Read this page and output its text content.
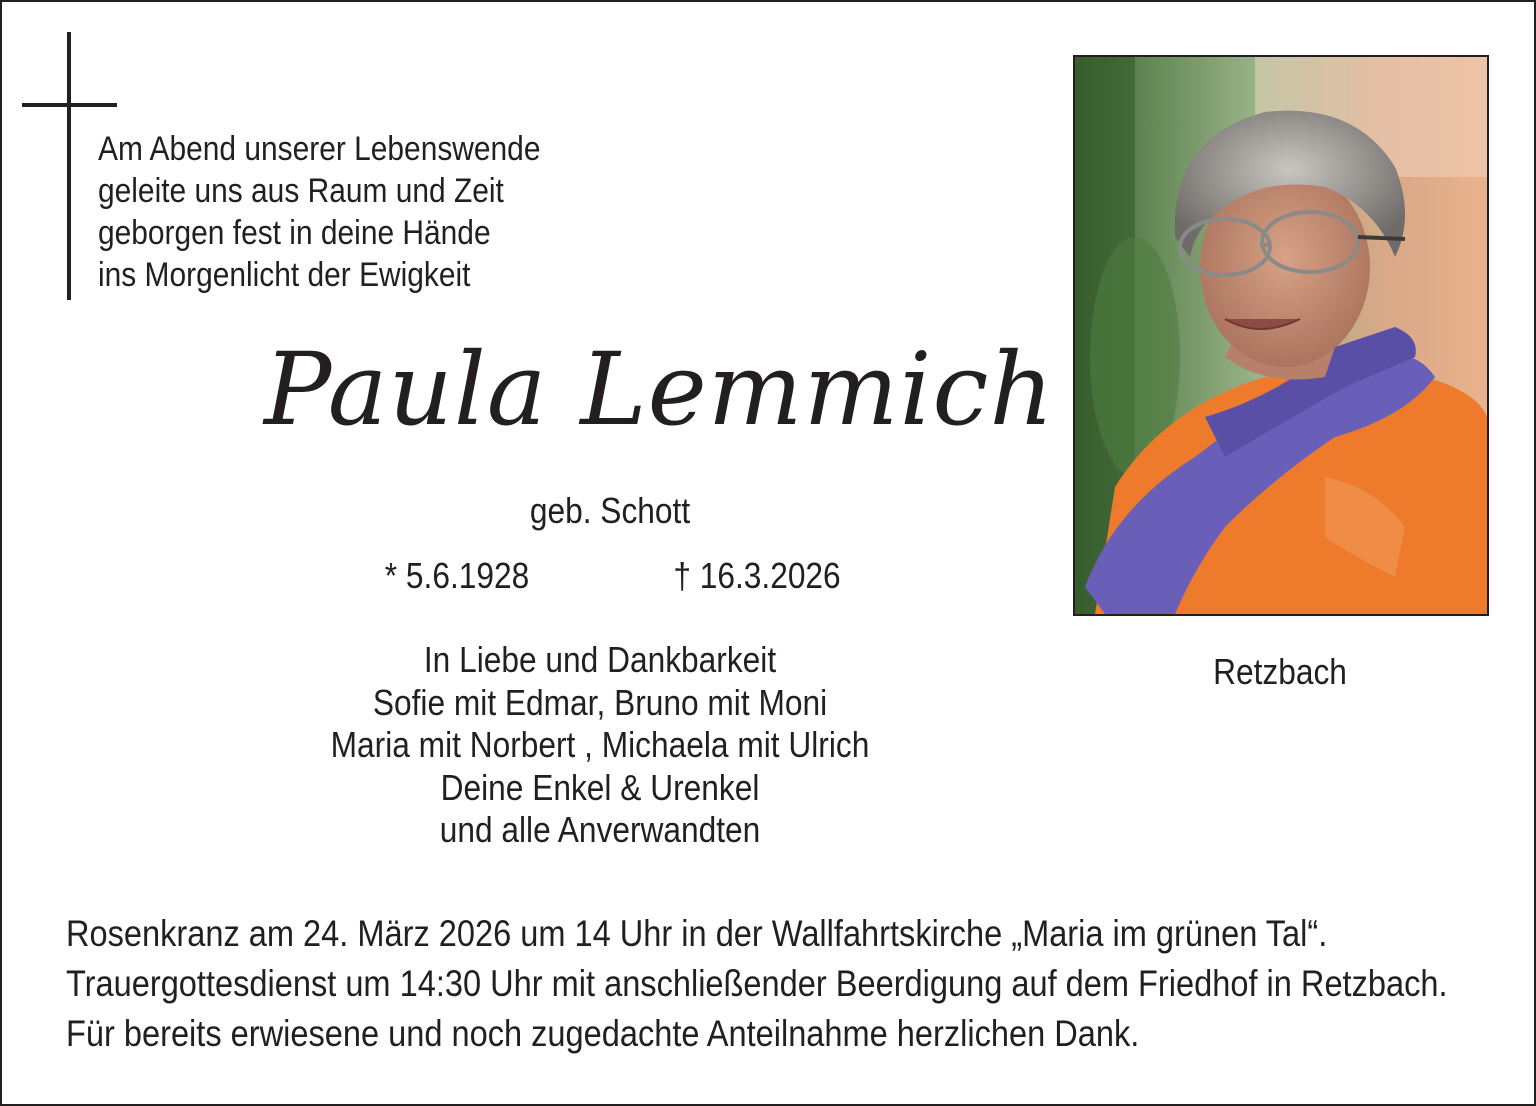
Am Abend unserer Lebenswende
geleite uns aus Raum und Zeit
geborgen fest in deine Hände
ins Morgenlicht der Ewigkeit
Paula Lemmich
geb. Schott
* 5.6.1928	† 16.3.2026
In Liebe und Dankbarkeit
Sofie mit Edmar, Bruno mit Moni
Maria mit Norbert , Michaela mit Ulrich
Deine Enkel & Urenkel
und alle Anverwandten
Retzbach
Rosenkranz am 24. März 2026 um 14 Uhr in der Wallfahrtskirche „Maria im grünen Tal“.
Trauergottesdienst um 14:30 Uhr mit anschließender Beerdigung auf dem Friedhof in Retzbach.
Für bereits erwiesene und noch zugedachte Anteilnahme herzlichen Dank.
